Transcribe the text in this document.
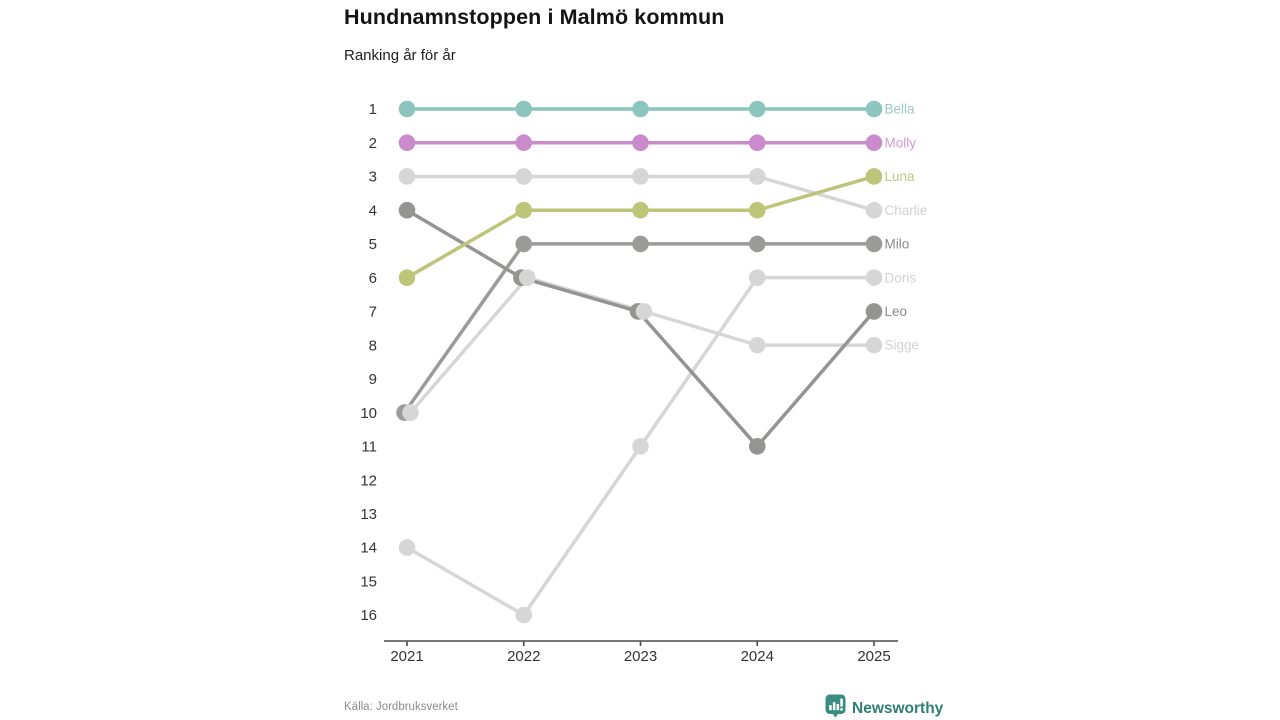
Hundnamnstoppen i Malmö kommun
Ranking år för år
1
2
3
4
5
6
7
8
9
10
11
12
13
14
15
16
2021	2022	2023	2024	2025
Bella
Molly
Luna
Charlie
Milo
Doris
Leo
Sigge
Källa: Jordbruksverket	Newsworthy
